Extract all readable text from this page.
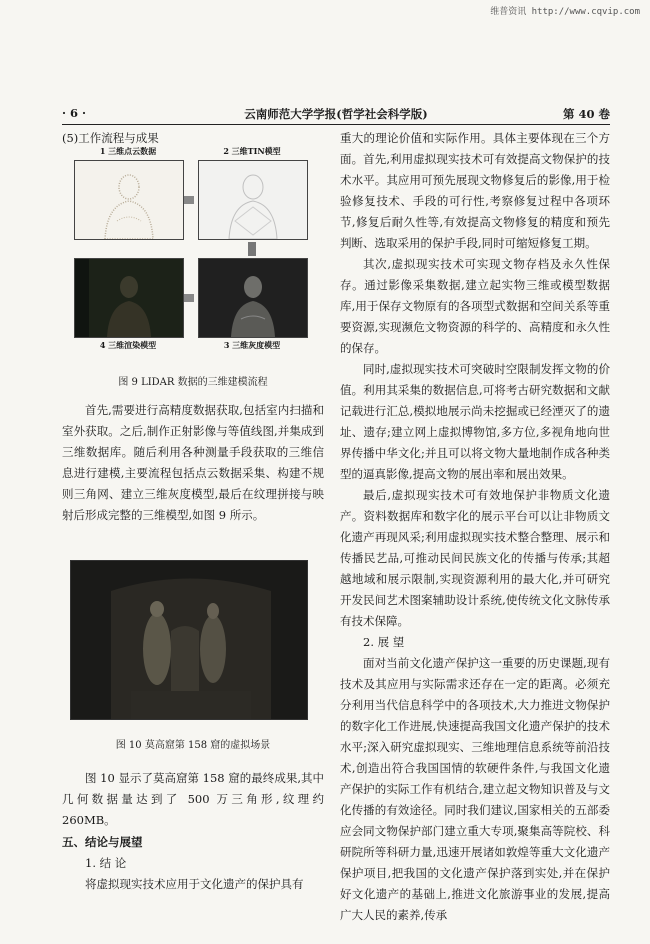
维普资讯 http://www.cqvip.com
· 6 ·	云南师范大学学报(哲学社会科学版)	第 40 卷

(5)工作流程与成果

1 三维点云数据	2 三维TIN模型
4 三维渲染模型	3 三维灰度模型
图 9 LIDAR 数据的三维建模流程

首先,需要进行高精度数据获取,包括室内扫描和室外获取。之后,制作正射影像与等值线图,并集成到三维数据库。随后利用各种测量手段获取的三维信息进行建模,主要流程包括点云数据采集、构建不规则三角网、建立三维灰度模型,最后在纹理拼接与映射后形成完整的三维模型,如图 9 所示。

图 10 莫高窟第 158 窟的虚拟场景

图 10 显示了莫高窟第 158 窟的最终成果,其中几何数据量达到了 500 万三角形,纹理约 260MB。

五、结论与展望

1. 结 论

将虚拟现实技术应用于文化遗产的保护具有

重大的理论价值和实际作用。具体主要体现在三个方面。首先,利用虚拟现实技术可有效提高文物保护的技术水平。其应用可预先展现文物修复后的影像,用于检验修复技术、手段的可行性,考察修复过程中各项环节,修复后耐久性等,有效提高文物修复的精度和预先判断、选取采用的保护手段,同时可缩短修复工期。

其次,虚拟现实技术可实现文物存档及永久性保存。通过影像采集数据,建立起实物三维或模型数据库,用于保存文物原有的各项型式数据和空间关系等重要资源,实现濒危文物资源的科学的、高精度和永久性的保存。

同时,虚拟现实技术可突破时空限制发挥文物的价值。利用其采集的数据信息,可将考古研究数据和文献记载进行汇总,模拟地展示尚未挖掘或已经湮灭了的遗址、遗存;建立网上虚拟博物馆,多方位,多视角地向世界传播中华文化;并且可以将文物大量地制作成各种类型的逼真影像,提高文物的展出率和展出效果。

最后,虚拟现实技术可有效地保护非物质文化遗产。资料数据库和数字化的展示平台可以让非物质文化遗产再现风采;利用虚拟现实技术整合整理、展示和传播民艺品,可推动民间民族文化的传播与传承;其超越地域和展示限制,实现资源利用的最大化,并可研究开发民间艺术图案辅助设计系统,使传统文化文脉传承有技术保障。

2. 展 望

面对当前文化遗产保护这一重要的历史课题,现有技术及其应用与实际需求还存在一定的距离。必须充分利用当代信息科学中的各项技术,大力推进文物保护的数字化工作进展,快速提高我国文化遗产保护的技术水平;深入研究虚拟现实、三维地理信息系统等前沿技术,创造出符合我国国情的软硬件条件,与我国文化遗产保护的实际工作有机结合,建立起文物知识普及与文化传播的有效途径。同时我们建议,国家相关的五部委应会同文物保护部门建立重大专项,聚集高等院校、科研院所等科研力量,迅速开展诸如敦煌等重大文化遗产保护项目,把我国的文化遗产保护落到实处,并在保护好文化遗产的基础上,推进文化旅游事业的发展,提高广大人民的素养,传承
